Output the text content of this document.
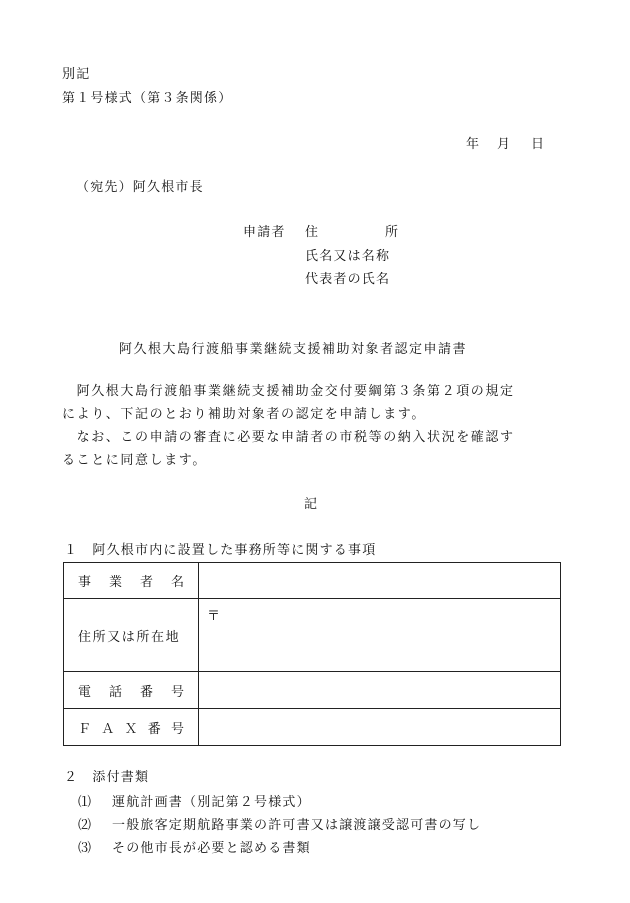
別記
第１号様式（第３条関係）
年 月 日
（宛先）阿久根市長
申請者 住	所
氏名又は名称
代表者の氏名
阿久根大島行渡船事業継続支援補助対象者認定申請書
　阿久根大島行渡船事業継続支援補助金交付要綱第３条第２項の規定
により、下記のとおり補助対象者の認定を申請します。
　なお、この申請の審査に必要な申請者の市税等の納入状況を確認す
ることに同意します。
記
１　阿久根市内に設置した事務所等に関する事項
事 業 者 名	

住所又は所在地	〒

電 話 番 号	

Ｆ Ａ Ｘ 番 号	

２　添付書類
⑴ 運航計画書（別記第２号様式）
⑵ 一般旅客定期航路事業の許可書又は譲渡譲受認可書の写し
⑶ その他市長が必要と認める書類
